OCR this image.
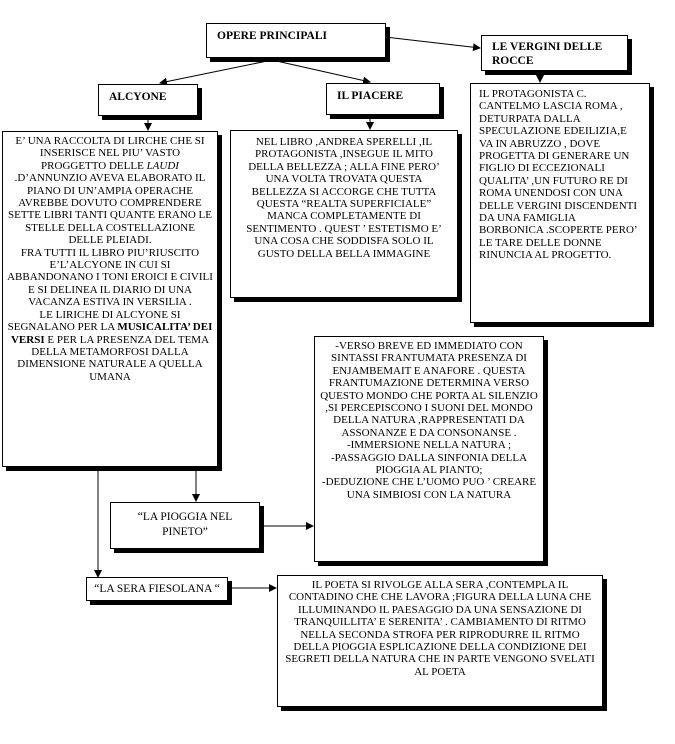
OPERE PRINCIPALI
LE VERGINI DELLE ROCCE
ALCYONE	IL PIACERE

E’ UNA RACCOLTA DI LIRCHE CHE SI INSERISCE NEL PIU’ VASTO PROGGETTO DELLE LAUDI .D’ANNUNZIO AVEVA ELABORATO IL PIANO DI UN’AMPIA OPERACHE AVREBBE DOVUTO COMPRENDERE SETTE LIBRI TANTI QUANTE ERANO LE STELLE DELLA COSTELLAZIONE DELLE PLEIADI.

FRA TUTTI IL LIBRO PIU’RIUSCITO E’L’ALCYONE IN CUI SI ABBANDONANO I TONI EROICI E CIVILI E SI DELINEA IL DIARIO DI UNA VACANZA ESTIVA IN VERSILIA .

LE LIRICHE DI ALCYONE SI SEGNALANO PER LA MUSICALITA’ DEI VERSI E PER LA PRESENZA DEL TEMA DELLA METAMORFOSI DALLA DIMENSIONE NATURALE A QUELLA UMANA

NEL LIBRO ,ANDREA SPERELLI ,IL PROTAGONISTA ,INSEGUE IL MITO DELLA BELLEZZA ; ALLA FINE PERO’ UNA VOLTA TROVATA QUESTA BELLEZZA SI ACCORGE CHE TUTTA QUESTA “REALTA SUPERFICIALE” MANCA COMPLETAMENTE DI SENTIMENTO . QUEST ’ ESTETISMO E’ UNA COSA CHE SODDISFA SOLO IL GUSTO DELLA BELLA IMMAGINE

IL PROTAGONISTA C. CANTELMO LASCIA ROMA , DETURPATA DALLA SPECULAZIONE EDEILIZIA,E VA IN ABRUZZO , DOVE PROGETTA DI GENERARE UN FIGLIO DI ECCEZIONALI QUALITA’ ,UN FUTURO RE DI ROMA UNENDOSI CON UNA DELLE VERGINI DISCENDENTI DA UNA FAMIGLIA BORBONICA .SCOPERTE PERO’ LE TARE DELLE DONNE RINUNCIA AL PROGETTO.

-VERSO BREVE ED IMMEDIATO CON SINTASSI FRANTUMATA PRESENZA DI ENJAMBEMAIT E ANAFORE . QUESTA FRANTUMAZIONE DETERMINA VERSO QUESTO MONDO CHE PORTA AL SILENZIO ,SI PERCEPISCONO I SUONI DEL MONDO DELLA NATURA ,RAPPRESENTATI DA ASSONANZE E DA CONSONANSE .

-IMMERSIONE NELLA NATURA ;

-PASSAGGIO DALLA SINFONIA DELLA PIOGGIA AL PIANTO;

-DEDUZIONE CHE L’UOMO PUO ’ CREARE UNA SIMBIOSI CON LA NATURA

“LA PIOGGIA NEL PINETO”
“LA SERA FIESOLANA “	IL POETA SI RIVOLGE ALLA SERA ,CONTEMPLA IL CONTADINO CHE CHE LAVORA ;FIGURA DELLA LUNA CHE ILLUMINANDO IL PAESAGGIO DA UNA SENSAZIONE DI TRANQUILLITA’ E SERENITA’ . CAMBIAMENTO DI RITMO NELLA SECONDA STROFA PER RIPRODURRE IL RITMO DELLA PIOGGIA ESPLICAZIONE DELLA CONDIZIONE DEI SEGRETI DELLA NATURA CHE IN PARTE VENGONO SVELATI AL POETA
